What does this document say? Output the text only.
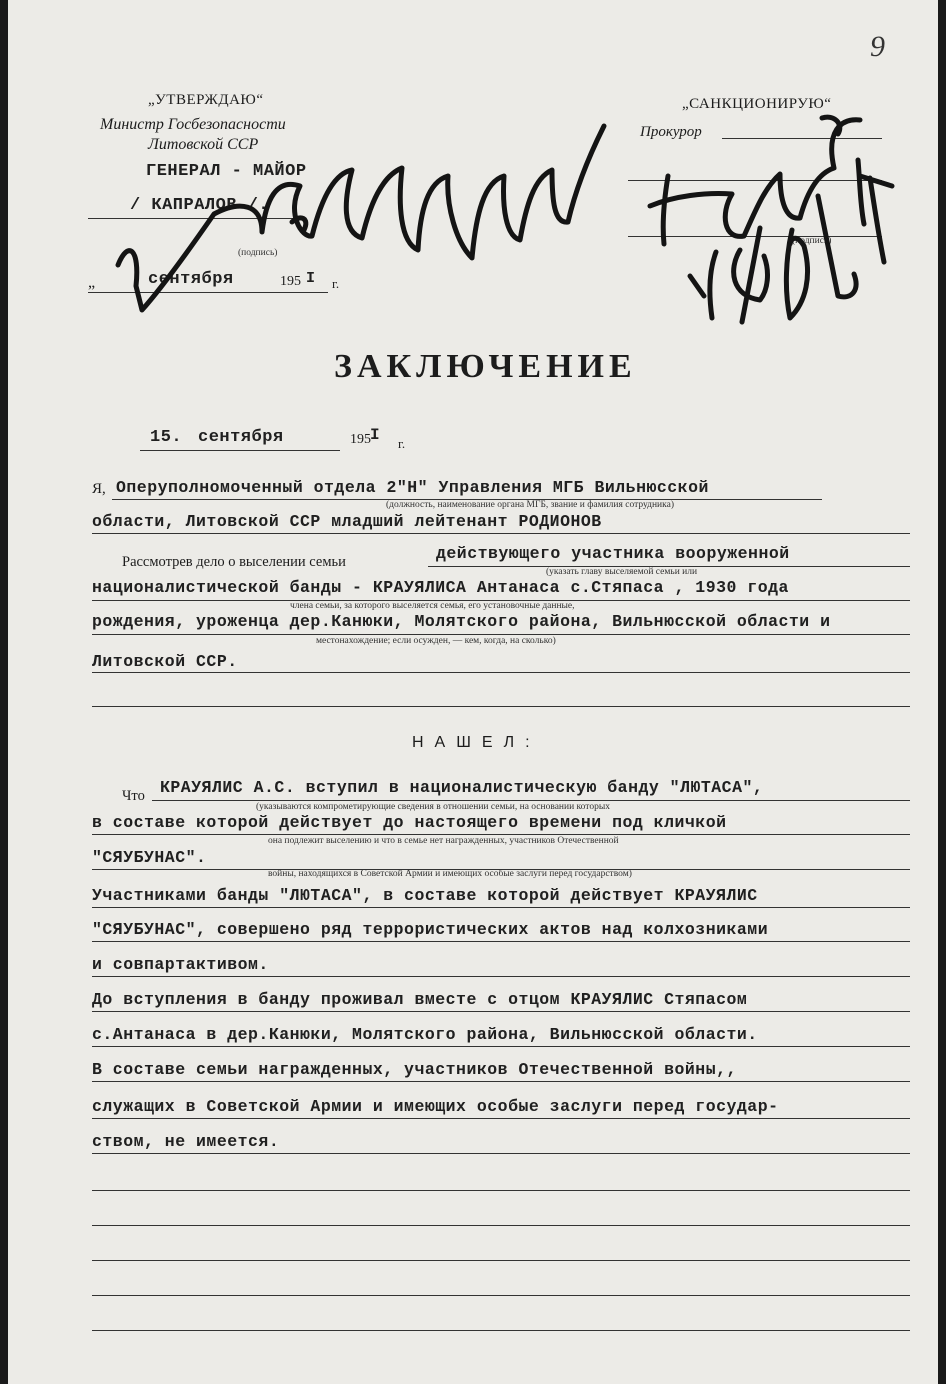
9
„УТВЕРЖДАЮ“
Министр Госбезопасности
Литовской ССР
ГЕНЕРАЛ - МАЙОР
/ КАПРАЛОВ /.
(подпись)
„	сентября	195 I г.
„САНКЦИОНИРУЮ“
Прокурор
(подпись)
ЗАКЛЮЧЕНИЕ
15. сентября	195 I г.
Я, Оперуполномоченный отдела 2"Н" Управления МГБ Вильнюсской
(должность, наименование органа МГБ, звание и фамилия сотрудника)
области, Литовской ССР младший лейтенант РОДИОНОВ
Рассмотрев дело о выселении семьи	действующего участника вооруженной
(указать главу выселяемой семьи или
националистической банды - КРАУЯЛИСА Антанаса с.Стяпаса , 1930 года
члена семьи, за которого выселяется семья, его установочные данные,
рождения, уроженца дер.Канюки, Молятского района, Вильнюсской области и
местонахождение; если осужден, — кем, когда, на сколько)
Литовской ССР.
НАШЕЛ:
Что КРАУЯЛИС А.С. вступил в националистическую банду "ЛЮТАСА",
(указываются компрометирующие сведения в отношении семьи, на основании которых
в составе которой действует до настоящего времени под кличкой
она подлежит выселению и что в семье нет награжденных, участников Отечественной
"СЯУБУНАС".
войны, находящихся в Советской Армии и имеющих особые заслуги перед государством)
Участниками банды "ЛЮТАСА", в составе которой действует КРАУЯЛИС
"СЯУБУНАС", совершено ряд террористических актов над колхозниками
и совпартактивом.
До вступления в банду проживал вместе с отцом КРАУЯЛИС Стяпасом
с.Антанаса в дер.Канюки, Молятского района, Вильнюсской области.
В составе семьи награжденных, участников Отечественной войны,,
служащих в Советской Армии и имеющих особые заслуги перед государ-
ством, не имеется.
